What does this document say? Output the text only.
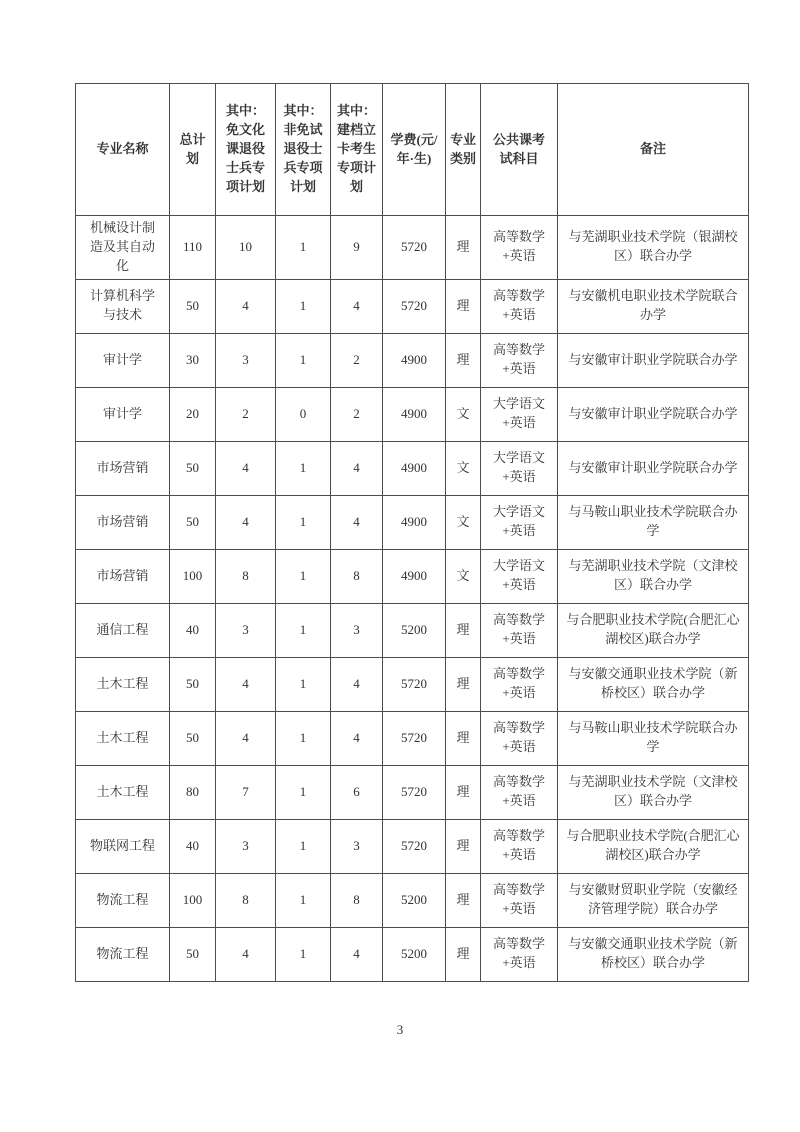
专业名称	总计划	其中：免文化课退役士兵专项计划	其中：非免试退役士兵专项计划	其中：建档立卡考生专项计划	学费(元/年·生)	专业类别	公共课考试科目	备注
机械设计制造及其自动化	110	10	1	9	5720	理	高等数学+英语	与芜湖职业技术学院（银湖校区）联合办学
计算机科学与技术	50	4	1	4	5720	理	高等数学+英语	与安徽机电职业技术学院联合办学
审计学	30	3	1	2	4900	理	高等数学+英语	与安徽审计职业学院联合办学
审计学	20	2	0	2	4900	文	大学语文+英语	与安徽审计职业学院联合办学
市场营销	50	4	1	4	4900	文	大学语文+英语	与安徽审计职业学院联合办学
市场营销	50	4	1	4	4900	文	大学语文+英语	与马鞍山职业技术学院联合办学
市场营销	100	8	1	8	4900	文	大学语文+英语	与芜湖职业技术学院（文津校区）联合办学
通信工程	40	3	1	3	5200	理	高等数学+英语	与合肥职业技术学院(合肥汇心湖校区)联合办学
土木工程	50	4	1	4	5720	理	高等数学+英语	与安徽交通职业技术学院（新桥校区）联合办学
土木工程	50	4	1	4	5720	理	高等数学+英语	与马鞍山职业技术学院联合办学
土木工程	80	7	1	6	5720	理	高等数学+英语	与芜湖职业技术学院（文津校区）联合办学
物联网工程	40	3	1	3	5720	理	高等数学+英语	与合肥职业技术学院(合肥汇心湖校区)联合办学
物流工程	100	8	1	8	5200	理	高等数学+英语	与安徽财贸职业学院（安徽经济管理学院）联合办学
物流工程	50	4	1	4	5200	理	高等数学+英语	与安徽交通职业技术学院（新桥校区）联合办学
3
